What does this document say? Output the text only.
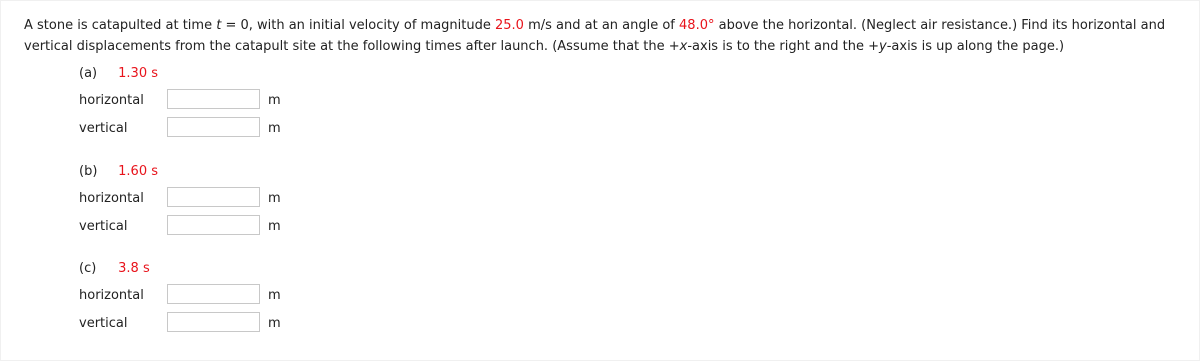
A stone is catapulted at time t = 0, with an initial velocity of magnitude 25.0 m/s and at an angle of 48.0° above the horizontal. (Neglect air resistance.) Find its horizontal and vertical displacements from the catapult site at the following times after launch. (Assume that the +x-axis is to the right and the +y-axis is up along the page.)

(a) 1.30 s
horizontal	m
vertical	m
(b) 1.60 s
horizontal	m
vertical	m
(c) 3.8 s
horizontal	m
vertical	m
